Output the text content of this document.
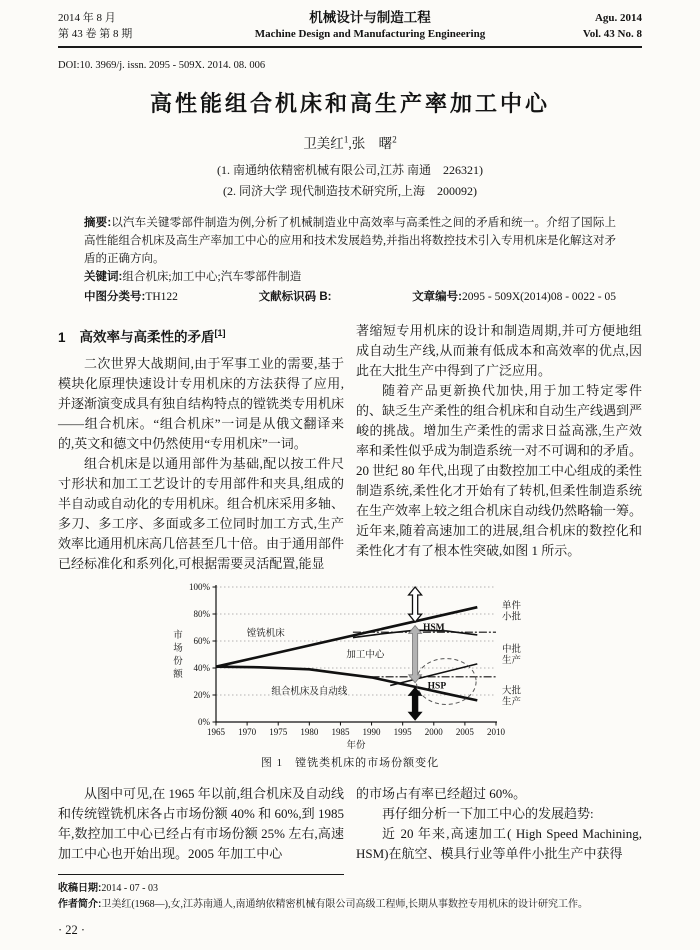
2014 年 8 月
第 43 卷 第 8 期
机械设计与制造工程
Machine Design and Manufacturing Engineering
Agu. 2014
Vol. 43 No. 8
DOI:10. 3969/j. issn. 2095 - 509X. 2014. 08. 006
高性能组合机床和高生产率加工中心
卫美红$^1$,张　曙$^2$
(1. 南通纳依精密机械有限公司,江苏 南通　226321)
(2. 同济大学 现代制造技术研究所,上海　200092)
摘要:以汽车关键零部件制造为例,分析了机械制造业中高效率与高柔性之间的矛盾和统一。介绍了国际上高性能组合机床及高生产率加工中心的应用和技术发展趋势,并指出将数控技术引入专用机床是化解这对矛盾的正确方向。
关键词:组合机床;加工中心;汽车零部件制造
中图分类号:TH122	文献标识码 B:	文章编号:2095 - 509X(2014)08 - 0022 - 05
1 高效率与高柔性的矛盾[1]

二次世界大战期间,由于军事工业的需要,基于模块化原理快速设计专用机床的方法获得了应用,并逐渐演变成具有独自结构特点的镗铣类专用机床——组合机床。“组合机床”一词是从俄文翻译来的,英文和德文中仍然使用“专用机床”一词。

组合机床是以通用部件为基础,配以按工件尺寸形状和加工工艺设计的专用部件和夹具,组成的半自动或自动化的专用机床。组合机床采用多轴、多刀、多工序、多面或多工位同时加工方式,生产效率比通用机床高几倍甚至几十倍。由于通用部件已经标准化和系列化,可根据需要灵活配置,能显

著缩短专用机床的设计和制造周期,并可方便地组成自动生产线,从而兼有低成本和高效率的优点,因此在大批生产中得到了广泛应用。

随着产品更新换代加快,用于加工特定零件的、缺乏生产柔性的组合机床和自动生产线遇到严峻的挑战。增加生产柔性的需求日益高涨,生产效率和柔性似乎成为制造系统一对不可调和的矛盾。20 世纪 80 年代,出现了由数控加工中心组成的柔性制造系统,柔性化才开始有了转机,但柔性制造系统在生产效率上较之组合机床自动线仍然略输一筹。近年来,随着高速加工的进展,组合机床的数控化和柔性化才有了根本性突破,如图 1 所示。

1965 1970 1975 1980 1985 1990 1995 2000 2005 2010
0%
20%
40%
60%
80%
100%
镗铣机床
加工中心
组合机床及自动线
HSM
HSP
单件小批
中批生产
大批生产
市场份额
年份
图 1 镗铣类机床的市场份额变化

从图中可见,在 1965 年以前,组合机床及自动线和传统镗铣机床各占市场份额 40% 和 60%,到 1985 年,数控加工中心已经占有市场份额 25% 左右,高速加工中心也开始出现。2005 年加工中心

收稿日期:2014 - 07 - 03

的市场占有率已经超过 60%。

再仔细分析一下加工中心的发展趋势:

近 20 年来,高速加工( High Speed Machining, HSM)在航空、模具行业等单件小批生产中获得

作者简介:卫美红(1968—),女,江苏南通人,南通纳依精密机械有限公司高级工程师,长期从事数控专用机床的设计研究工作。
· 22 ·
